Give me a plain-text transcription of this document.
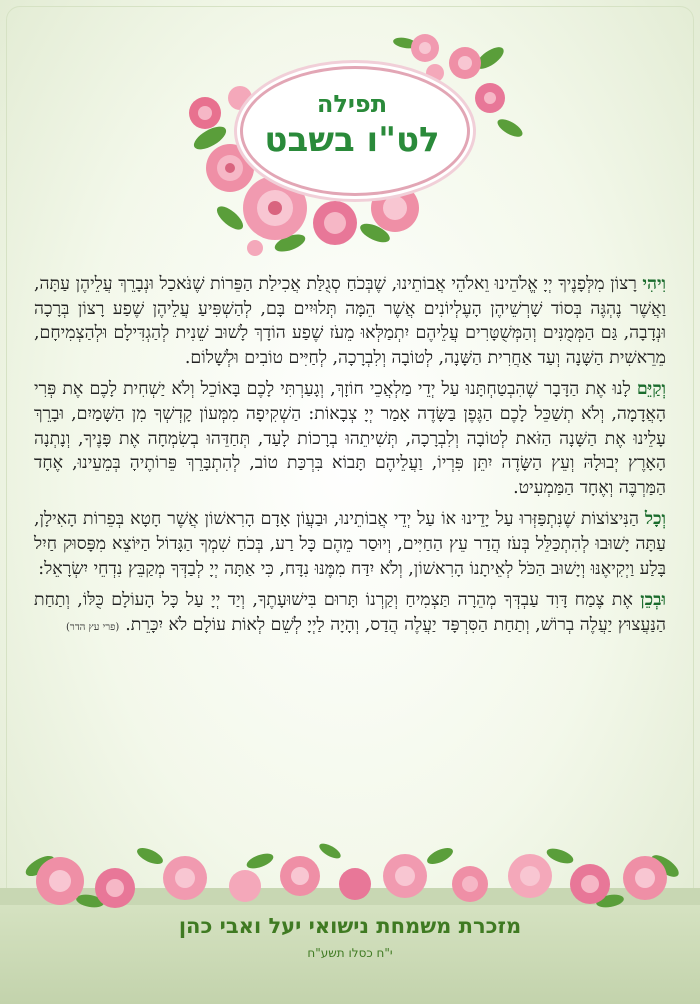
תפילה
לט"ו בשבט

וִיהִי רָצוֹן מִלְּפָנֶיךָ יְיָ אֱלֹהֵינוּ וֵאלֹהֵי אֲבוֹתֵינוּ, שֶׁבְּכֹחַ סְגֻלַּת אֲכִילַת הַפֵּרוֹת שֶׁנֹּאכַל וּנְבָרֵךְ עֲלֵיהֶן עַתָּה, וַאֲשֶׁר נֶהְגֶּה בְּסוֹד שָׁרְשֵׁיהֶן הָעֶלְיוֹנִים אֲשֶׁר הֵמָּה תְּלוּיִים בָּם, לְהַשְׁפִּיעַ עֲלֵיהֶן שֶׁפַע רָצוֹן בְּרָכָה וּנְדָבָה, גַּם הַמְּמֻנִּים וְהַמְּשֻׁטָּרִים עֲלֵיהֶם יִתְמַלְּאוּ מֵעֹז שֶׁפַע הוֹדָךְ לָשׁוּב שֵׁנִית לְהַגְדִּילָם וּלְהַצְמִיחָם, מֵרֵאשִׁית הַשָּׁנָה וְעַד אַחֲרִית הַשָּׁנָה, לְטוֹבָה וְלִבְרָכָה, לְחַיִּים טוֹבִים וּלְשָׁלוֹם.

וְקַיֵּם לָנוּ אֶת הַדָּבָר שֶׁהִבְטַחְתָּנוּ עַל יְדֵי מַלְאֲכֵי חוֹזָךְ, וְגָעַרְתִּי לָכֶם בָּאוֹכֵל וְלֹא יַשְׁחִית לָכֶם אֶת פְּרִי הָאֲדָמָה, וְלֹא תְשַׁכֵּל לָכֶם הַגֶּפֶן בַּשָּׂדֶה אָמַר יְיָ צְבָאוֹת: הַשְׁקִיפָה מִמְּעוֹן קָדְשְׁךָ מִן הַשָּׁמַיִם, וּבָרֵךְ עָלֵינוּ אֶת הַשָּׁנָה הַזֹּאת לְטוֹבָה וְלִבְרָכָה, תְּשִׁיתֵהוּ בְרָכוֹת לָעַד, תְּחַדֵּהוּ בְשִׂמְחָה אֶת פָּנֶיךָ, וְנָתְנָה הָאָרֶץ יְבוּלָהּ וְעֵץ הַשָּׂדֶה יִתֵּן פִּרְיוֹ, וַעֲלֵיהֶם תָּבוֹא בִּרְכַּת טוֹב, לְהִתְבָּרֵךְ פֵּרוֹתֶיהָ בְּמֵעֵינוּ, אֶחָד הַמַּרְבֶּה וְאֶחָד הַמַּמְעִיט.

וְכָל הַנִּיצוֹצוֹת שֶׁנִּתְפַּזְּרוּ עַל יָדֵינוּ אוֹ עַל יְדֵי אֲבוֹתֵינוּ, וּבַעֲוֹן אָדָם הָרִאשׁוֹן אֲשֶׁר חָטָא בְּפֵרוֹת הָאִילָן, עַתָּה יָשׁוּבוּ לְהִתְכַּלֵּל בְּעֹז הֲדַר עֵץ הַחַיִּים, וְיוּסַר מֵהֶם כָּל רַע, בְּכֹחַ שִׁמְךָ הַגָּדוֹל הַיּוֹצֵא מִפָּסוּק חַיִל בָּלַע וַיְקִיאֶנּוּ וְיָשׁוּב הַכֹּל לְאֵיתָנוֹ הָרִאשׁוֹן, וְלֹא יִדַּח מִמֶּנּוּ נִדָּח, כִּי אַתָּה יְיָ לְבַדְּךָ מְקַבֵּץ נִדְחֵי יִשְׂרָאֵל:

וּבְכֵן אֶת צֶמַח דָּוִד עַבְדְּךָ מְהֵרָה תַּצְמִיחַ וְקַרְנוֹ תָּרוּם בִּישׁוּעָתֶךָ, וְיַד יְיָ עַל כָּל הָעוֹלָם כֻּלּוֹ, וְתַחַת הַנַּעֲצוּץ יַעֲלֶה בְרוֹשׁ, וְתַחַת הַסִּרְפָּד יַעֲלֶה הֲדַס, וְהָיָה לַיְיָ לְשֵׁם לְאוֹת עוֹלָם לֹא יִכָּרֵת.(פרי עץ הדר)

מזכרת משמחת נישואי יעל ואבי כהן
י"ח כסלו תשע"ח
